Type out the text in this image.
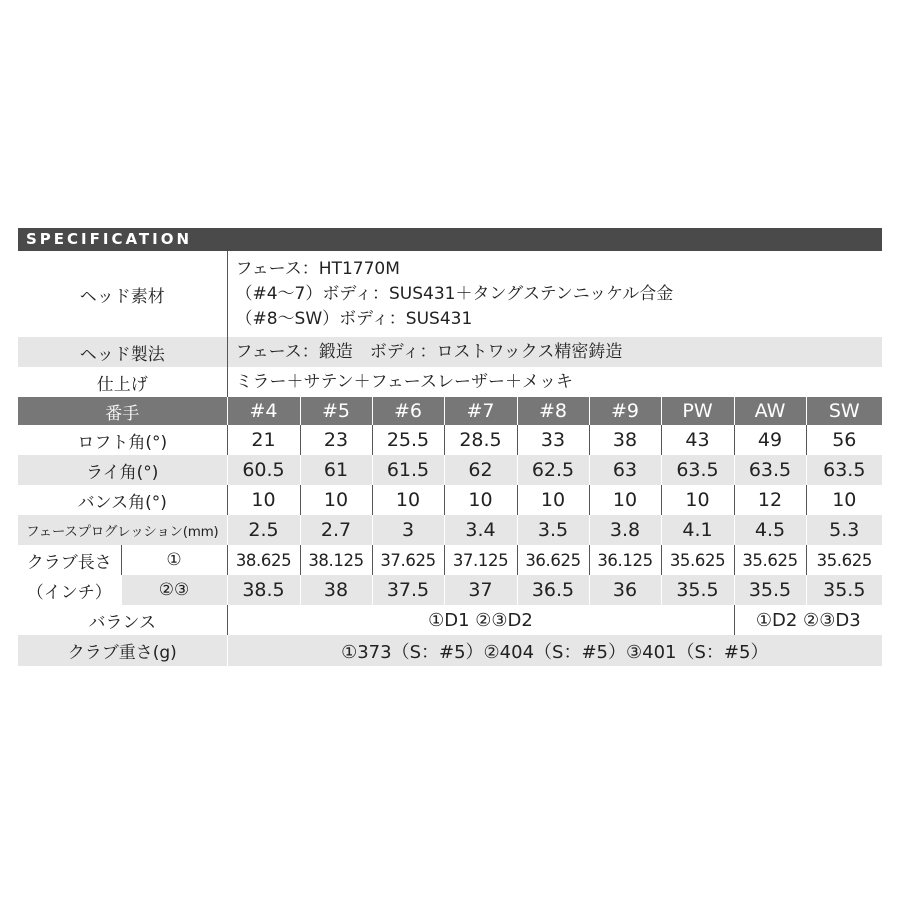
SPECIFICATION
ヘッド素材		フェース：HT1770M
（#4～7）ボディ：SUS431＋タングステンニッケル合金
（#8～SW）ボディ：SUS431								

ヘッド製法		フェース：鍛造　ボディ：ロストワックス精密鋳造								
仕上げ		ミラー＋サテン＋フェースレーザー＋メッキ								
番手		#4	#5	#6	#7	#8	#9	PW	AW	SW
ロフト角(°)		21	23	25.5	28.5	33	38	43	49	56
ライ角(°)		60.5	61	61.5	62	62.5	63	63.5	63.5	63.5
バンス角(°)		10	10	10	10	10	10	10	12	10
フェースプログレッション(mm)		2.5	2.7	3	3.4	3.5	3.8	4.1	4.5	5.3
クラブ長さ	①	38.625	38.125	37.625	37.125	36.625	36.125	35.625	35.625	35.625
（インチ）	②③	38.5	38	37.5	37	36.5	36	35.5	35.5	35.5
バランス		①D1 ②③D2							①D2 ②③D3	
クラブ重さ(g)		①373（S：#5）②404（S：#5）③401（S：#5）								
